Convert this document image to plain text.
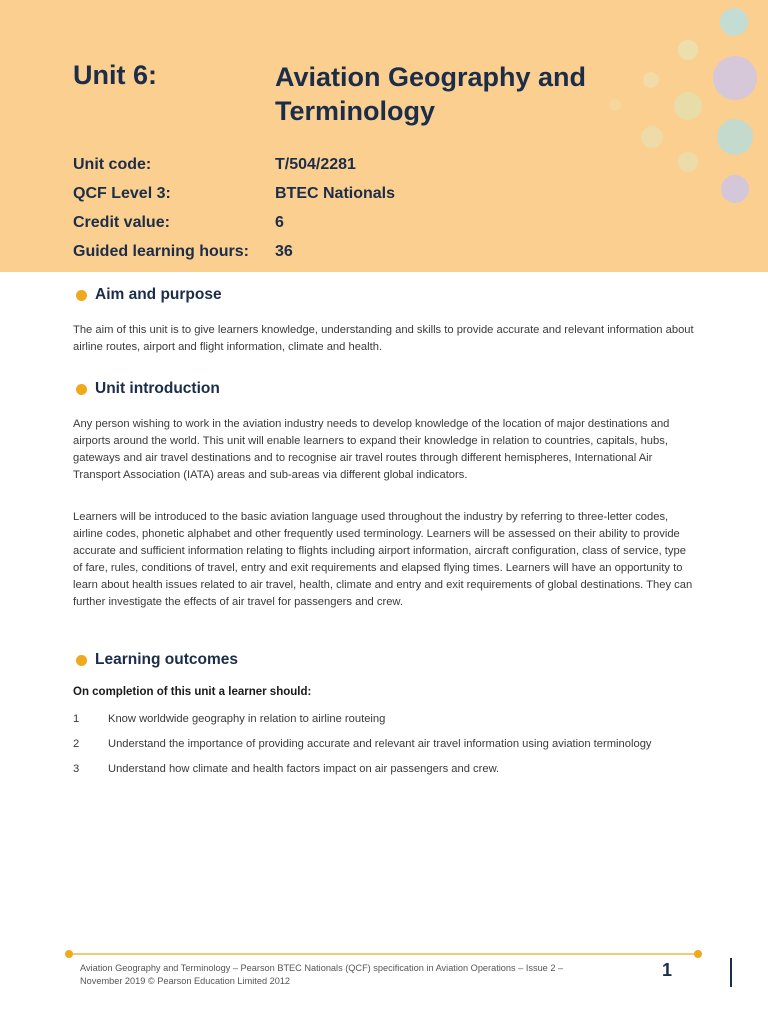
Unit 6:	Aviation Geography and Terminology
Unit code:	T/504/2281
QCF Level 3:	BTEC Nationals
Credit value:	6
Guided learning hours:	36
Aim and purpose

The aim of this unit is to give learners knowledge, understanding and skills to provide accurate and relevant information about airline routes, airport and flight information, climate and health.

Unit introduction

Any person wishing to work in the aviation industry needs to develop knowledge of the location of major destinations and airports around the world. This unit will enable learners to expand their knowledge in relation to countries, capitals, hubs, gateways and air travel destinations and to recognise air travel routes through different hemispheres, International Air Transport Association (IATA) areas and sub-areas via different global indicators.

Learners will be introduced to the basic aviation language used throughout the industry by referring to three-letter codes, airline codes, phonetic alphabet and other frequently used terminology. Learners will be assessed on their ability to provide accurate and sufficient information relating to flights including airport information, aircraft configuration, class of service, type of fare, rules, conditions of travel, entry and exit requirements and elapsed flying times. Learners will have an opportunity to learn about health issues related to air travel, health, climate and entry and exit requirements of global destinations. They can further investigate the effects of air travel for passengers and crew.

Learning outcomes
On completion of this unit a learner should:
1	Know worldwide geography in relation to airline routeing
2	Understand the importance of providing accurate and relevant air travel information using aviation terminology
3	Understand how climate and health factors impact on air passengers and crew.

Aviation Geography and Terminology – Pearson BTEC Nationals (QCF) specification in Aviation Operations – Issue 2 – November 2019 © Pearson Education Limited 2012

1
